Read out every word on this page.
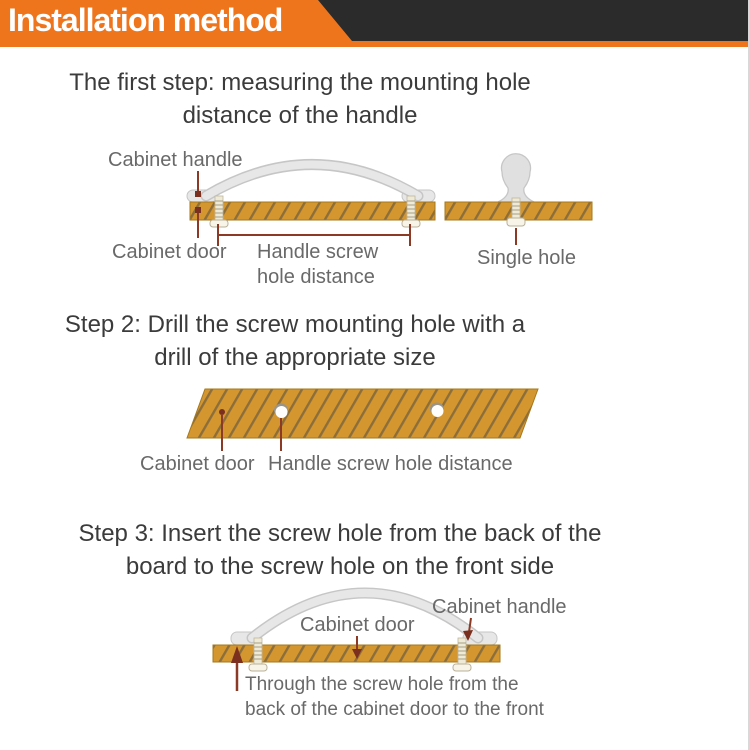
Installation method
The first step: measuring the mounting hole
distance of the handle
Cabinet handle
Cabinet door Handle screw
hole distance
Single hole
Step 2: Drill the screw mounting hole with a
drill of the appropriate size
Cabinet door Handle screw hole distance
Step 3: Insert the screw hole from the back of the
board to the screw hole on the front side
Cabinet handle
Cabinet door
Through the screw hole from the
back of the cabinet door to the front
